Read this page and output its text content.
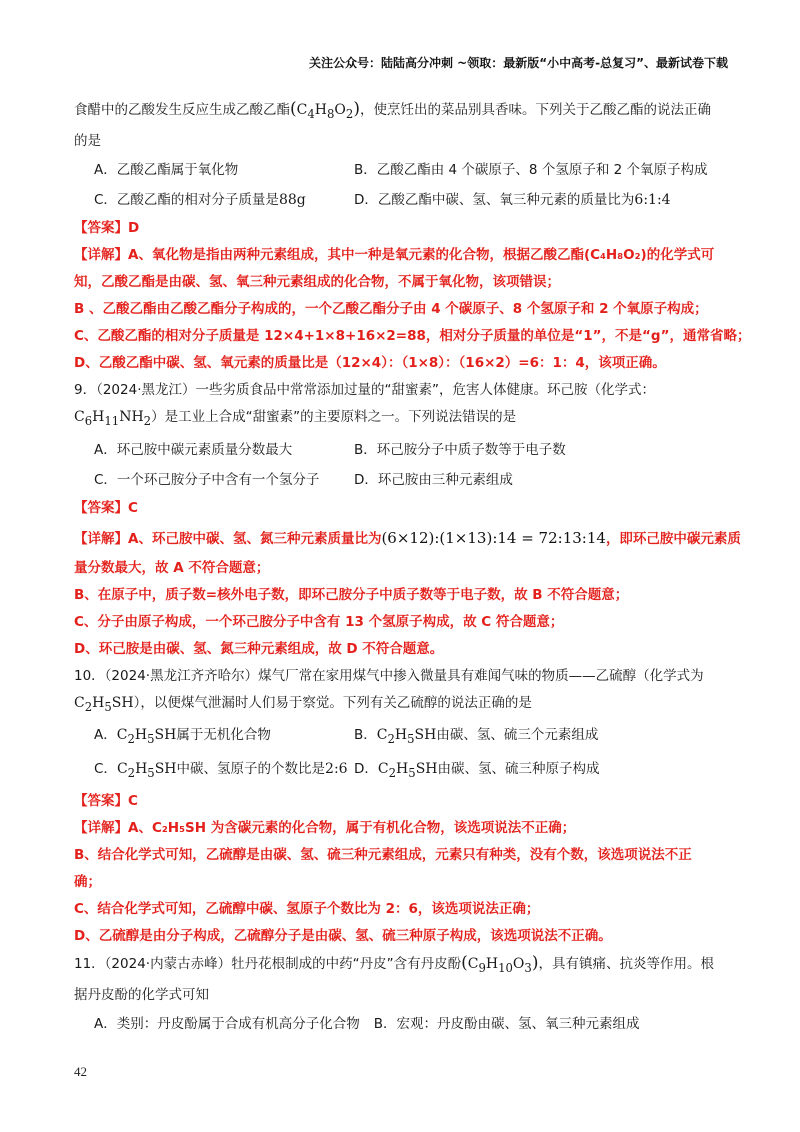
关注公众号：陆陆高分冲刺 ~领取：最新版“小中高考-总复习”、最新试卷下载
食醋中的乙酸发生反应生成乙酸乙酯$(C_4H_8O_2)$，使烹饪出的菜品别具香味。下列关于乙酸乙酯的说法正确
的是
A．乙酸乙酯属于氧化物	B．乙酸乙酯由 4 个碳原子、8 个氢原子和 2 个氧原子构成
C．乙酸乙酯的相对分子质量是88g	D．乙酸乙酯中碳、氢、氧三种元素的质量比为6:1:4
【答案】D
【详解】A、氧化物是指由两种元素组成，其中一种是氧元素的化合物，根据乙酸乙酯(C₄H₈O₂)的化学式可
知，乙酸乙酯是由碳、氢、氧三种元素组成的化合物，不属于氧化物，该项错误；
B 、乙酸乙酯由乙酸乙酯分子构成的，一个乙酸乙酯分子由 4 个碳原子、8 个氢原子和 2 个氧原子构成；
C、乙酸乙酯的相对分子质量是 12×4+1×8+16×2=88，相对分子质量的单位是“1”，不是“g”，通常省略；
D、乙酸乙酯中碳、氢、氧元素的质量比是（12×4）：（1×8）：（16×2）=6：1：4，该项正确。
9．（2024·黑龙江）一些劣质食品中常常添加过量的“甜蜜素”，危害人体健康。环己胺（化学式：
$C_6H_{11}NH_2$）是工业上合成“甜蜜素”的主要原料之一。下列说法错误的是
A．环己胺中碳元素质量分数最大	B．环己胺分子中质子数等于电子数
C．一个环己胺分子中含有一个氢分子	D．环己胺由三种元素组成
【答案】C
【详解】A、环己胺中碳、氢、氮三种元素质量比为(6×12):(1×13):14 = 72:13:14，即环己胺中碳元素质
量分数最大，故 A 不符合题意；
B、在原子中，质子数=核外电子数，即环己胺分子中质子数等于电子数，故 B 不符合题意；
C、分子由原子构成，一个环己胺分子中含有 13 个氢原子构成，故 C 符合题意；
D、环己胺是由碳、氢、氮三种元素组成，故 D 不符合题意。
10．（2024·黑龙江齐齐哈尔）煤气厂常在家用煤气中掺入微量具有难闻气味的物质——乙硫醇（化学式为
$C_2H_5SH$），以便煤气泄漏时人们易于察觉。下列有关乙硫醇的说法正确的是
A．$C_2H_5SH$属于无机化合物	B．$C_2H_5SH$由碳、氢、硫三个元素组成
C．$C_2H_5SH$中碳、氢原子的个数比是2:6 D．$C_2H_5SH$由碳、氢、硫三种原子构成
【答案】C
【详解】A、C₂H₅SH 为含碳元素的化合物，属于有机化合物，该选项说法不正确；
B、结合化学式可知，乙硫醇是由碳、氢、硫三种元素组成，元素只有种类，没有个数，该选项说法不正
确；
C、结合化学式可知，乙硫醇中碳、氢原子个数比为 2：6，该选项说法正确；
D、乙硫醇是由分子构成，乙硫醇分子是由碳、氢、硫三种原子构成，该选项说法不正确。
11．（2024·内蒙古赤峰）牡丹花根制成的中药“丹皮”含有丹皮酚$(C_9H_{10}O_3)$，具有镇痛、抗炎等作用。根
据丹皮酚的化学式可知
A．类别：丹皮酚属于合成有机高分子化合物	B．宏观：丹皮酚由碳、氢、氧三种元素组成
42
